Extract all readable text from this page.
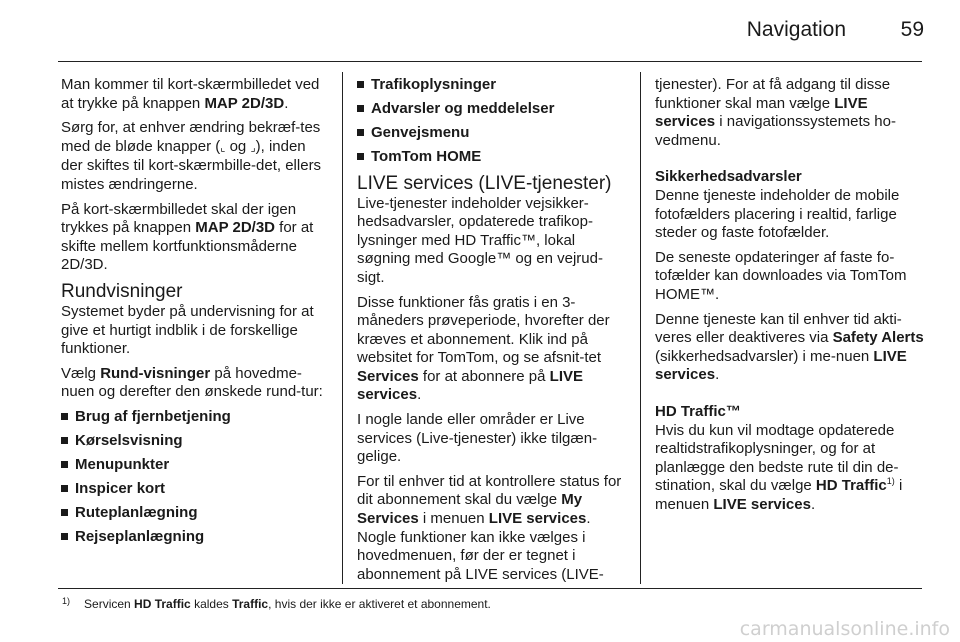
Navigation	59

Man kommer til kort-skærmbilledet ved at trykke på knappen MAP 2D/3D.

Sørg for, at enhver ændring bekræf-tes med de bløde knapper (⌞ og ⌟), inden der skiftes til kort-skærmbille-det, ellers mistes ændringerne.

På kort-skærmbilledet skal der igen trykkes på knappen MAP 2D/3D for at skifte mellem kortfunktionsmåderne 2D/3D.

Rundvisninger

Systemet byder på undervisning for at give et hurtigt indblik i de forskellige funktioner.

Vælg Rund-visninger på hovedme-nuen og derefter den ønskede rund-tur:

Brug af fjernbetjening
Kørselsvisning
Menupunkter
Inspicer kort
Ruteplanlægning
Rejseplanlægning
Trafikoplysninger
Advarsler og meddelelser
Genvejsmenu
TomTom HOME
LIVE services (LIVE-tjenester)

Live-tjenester indeholder vejsikker-hedsadvarsler, opdaterede trafikop-lysninger med HD Traffic™, lokal søgning med Google™ og en vejrud-sigt.

Disse funktioner fås gratis i en 3-måneders prøveperiode, hvorefter der kræves et abonnement. Klik ind på websitet for TomTom, og se afsnit-tet Services for at abonnere på LIVE services.

I nogle lande eller områder er Live services (Live-tjenester) ikke tilgæn-gelige.

For til enhver tid at kontrollere status for dit abonnement skal du vælge My Services i menuen LIVE services. Nogle funktioner kan ikke vælges i hovedmenuen, før der er tegnet i abonnement på LIVE services (LIVE-

tjenester). For at få adgang til disse funktioner skal man vælge LIVE services i navigationssystemets ho-vedmenu.

Sikkerhedsadvarsler

Denne tjeneste indeholder de mobile fotofælders placering i realtid, farlige steder og faste fotofælder.

De seneste opdateringer af faste fo-tofælder kan downloades via TomTom HOME™.

Denne tjeneste kan til enhver tid akti-veres eller deaktiveres via Safety Alerts (sikkerhedsadvarsler) i me-nuen LIVE services.

HD Traffic™

Hvis du kun vil modtage opdaterede realtidstrafikoplysninger, og for at planlægge den bedste rute til din de-stination, skal du vælge HD Traffic$^{1)}$ i menuen LIVE services.

$^{1)}$ Servicen HD Traffic kaldes Traffic, hvis der ikke er aktiveret et abonnement.
carmanualsonline.info
